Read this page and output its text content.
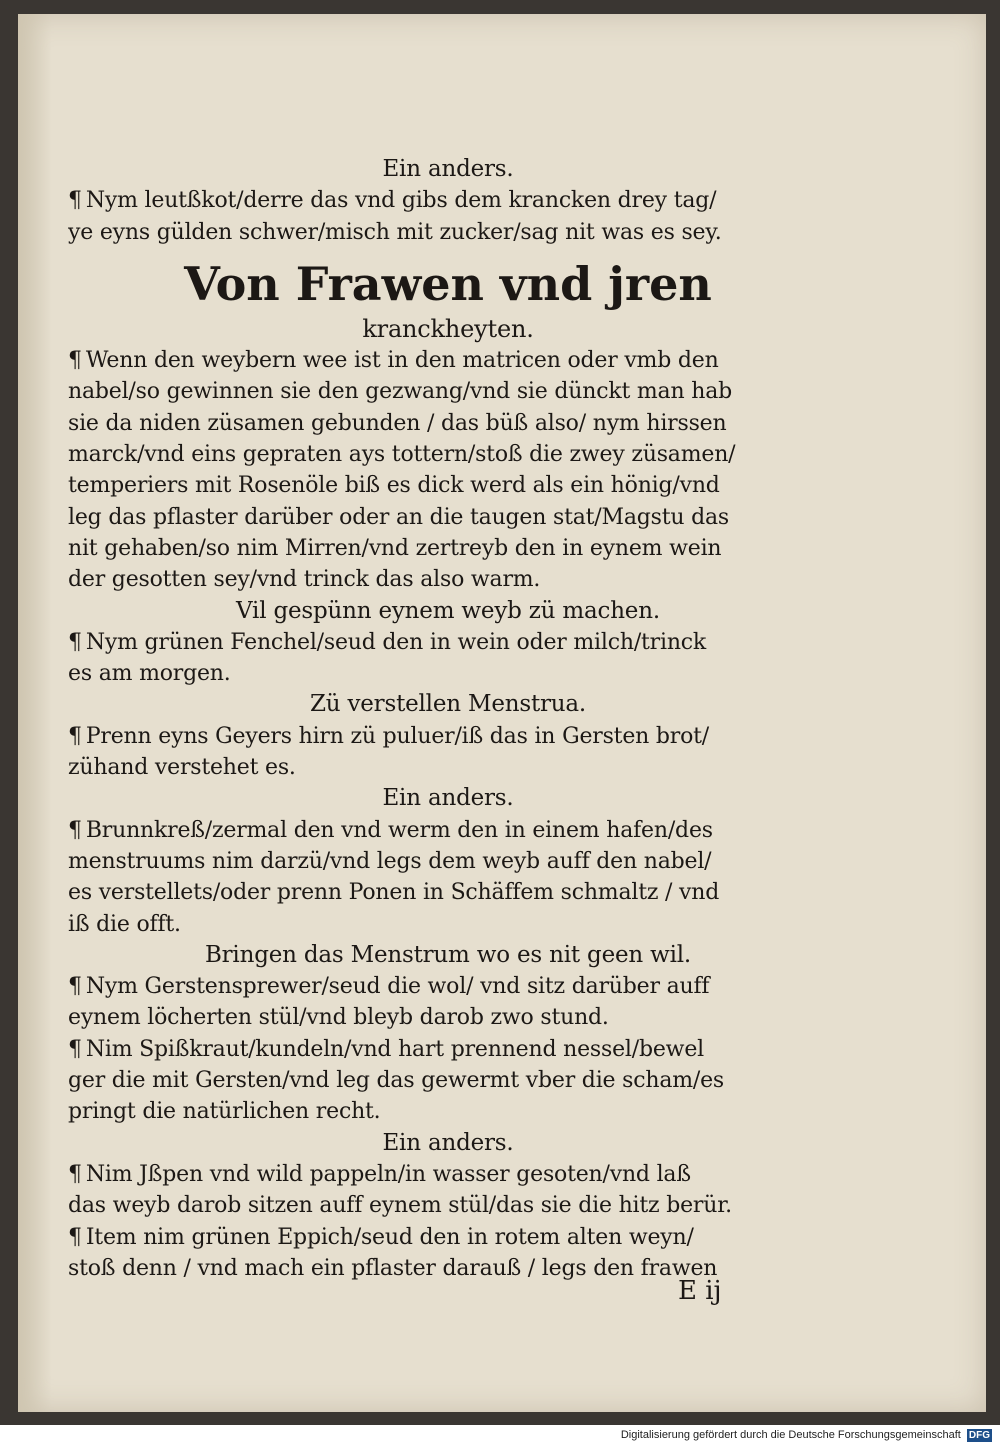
Ein anders.
¶ Nym leutßkot/derre das vnd gibs dem krancken drey tag/
ye eyns gülden schwer/misch mit zucker/sag nit was es sey.
Von Frawen vnd jren
kranckheyten.
¶ Wenn den weybern wee ist in den matricen oder vmb den
nabel/so gewinnen sie den gezwang/vnd sie dünckt man hab
sie da niden züsamen gebunden / das büß also/ nym hirssen
marck/vnd eins gepraten ays tottern/stoß die zwey züsamen/
temperiers mit Rosenöle biß es dick werd als ein hönig/vnd
leg das pflaster darüber oder an die taugen stat/Magstu das
nit gehaben/so nim Mirren/vnd zertreyb den in eynem wein
der gesotten sey/vnd trinck das also warm.
Vil gespünn eynem weyb zü machen.
¶ Nym grünen Fenchel/seud den in wein oder milch/trinck
es am morgen.
Zü verstellen Menstrua.
¶ Prenn eyns Geyers hirn zü puluer/iß das in Gersten brot/
zühand verstehet es.
Ein anders.
¶ Brunnkreß/zermal den vnd werm den in einem hafen/des
menstruums nim darzü/vnd legs dem weyb auff den nabel/
es verstellets/oder prenn Ponen in Schäffem schmaltz / vnd
iß die offt.
Bringen das Menstrum wo es nit geen wil.
¶ Nym Gerstensprewer/seud die wol/ vnd sitz darüber auff
eynem löcherten stül/vnd bleyb darob zwo stund.
¶ Nim Spißkraut/kundeln/vnd hart prennend nessel/bewel
ger die mit Gersten/vnd leg das gewermt vber die scham/es
pringt die natürlichen recht.
Ein anders.
¶ Nim Jßpen vnd wild pappeln/in wasser gesoten/vnd laß
das weyb darob sitzen auff eynem stül/das sie die hitz berür.
¶ Item nim grünen Eppich/seud den in rotem alten weyn/
stoß denn / vnd mach ein pflaster darauß / legs den frawen
E ij
Digitalisierung gefördert durch die Deutsche Forschungsgemeinschaft DFG
